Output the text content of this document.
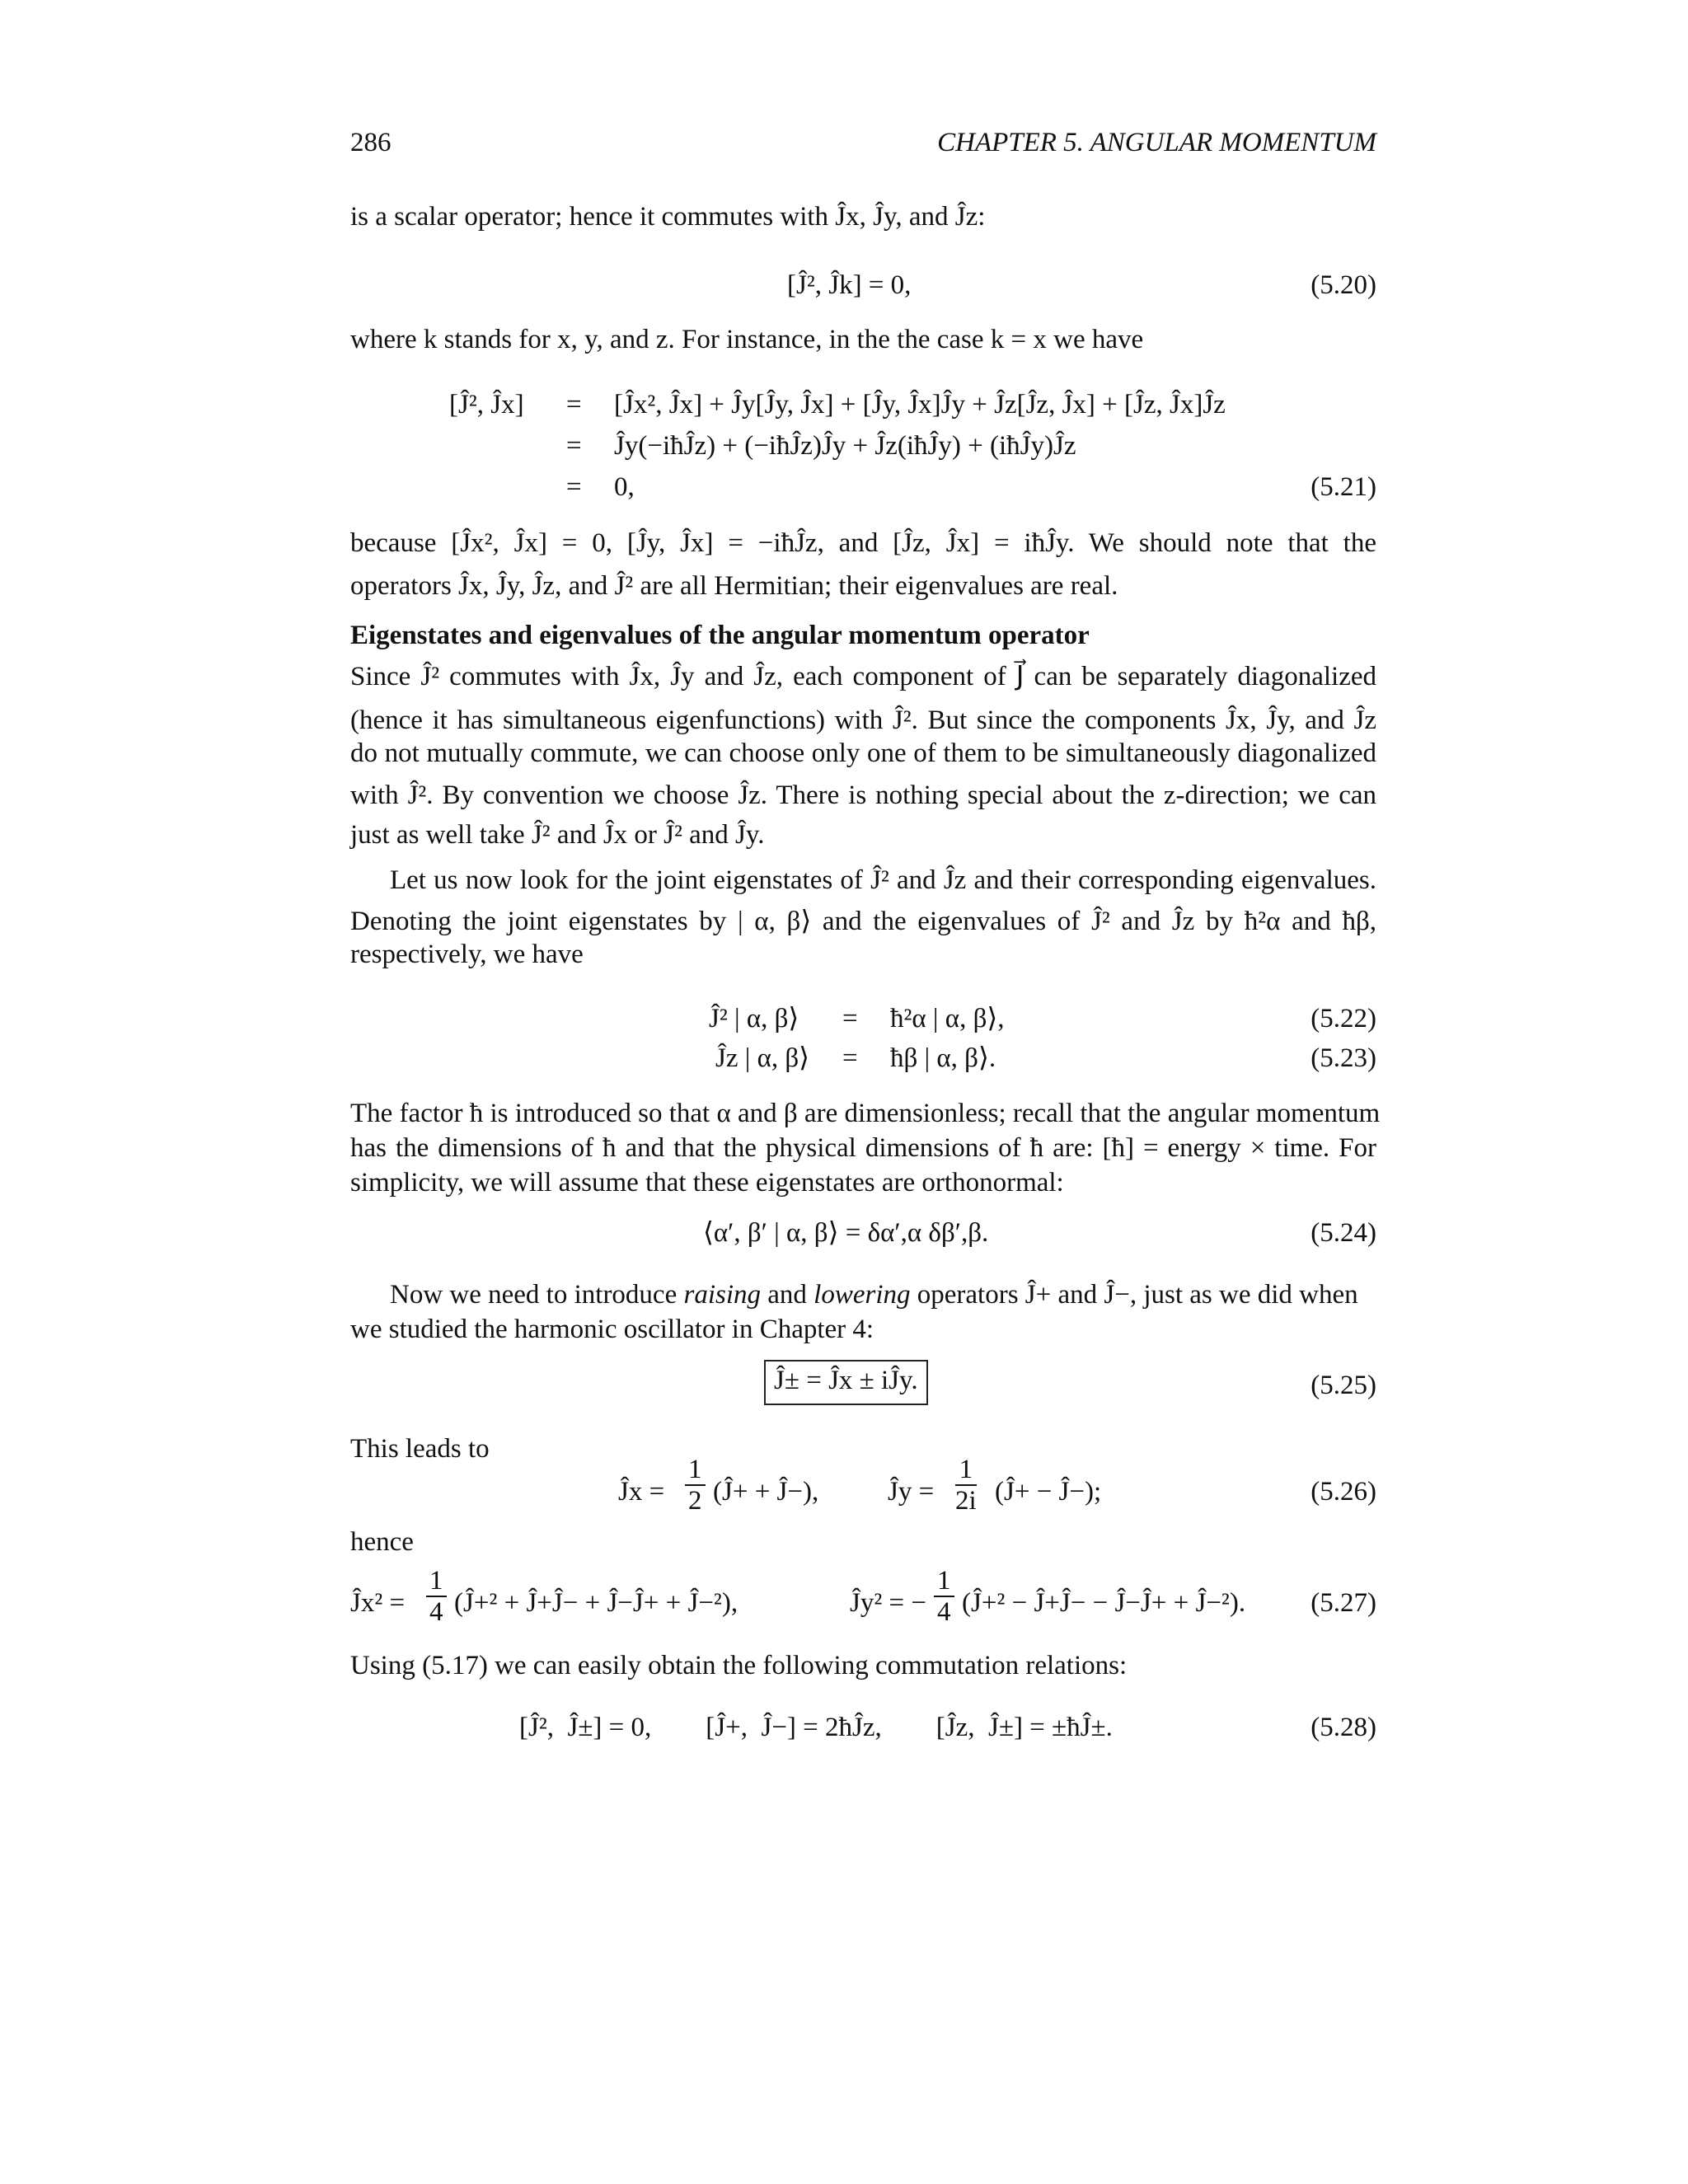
286	CHAPTER 5. ANGULAR MOMENTUM
is a scalar operator; hence it commutes with Ĵx, Ĵy, and Ĵz:
[Ĵ², Ĵk] = 0,	(5.20)
where k stands for x, y, and z. For instance, in the the case k = x we have
[Ĵ², Ĵx] = [Ĵx², Ĵx] + Ĵy[Ĵy, Ĵx] + [Ĵy, Ĵx]Ĵy + Ĵz[Ĵz, Ĵx] + [Ĵz, Ĵx]Ĵz
= Ĵy(−iħĴz) + (−iħĴz)Ĵy + Ĵz(iħĴy) + (iħĴy)Ĵz
= 0,	(5.21)
because [Ĵx², Ĵx] = 0, [Ĵy, Ĵx] = −iħĴz, and [Ĵz, Ĵx] = iħĴy. We should note that the
operators Ĵx, Ĵy, Ĵz, and Ĵ² are all Hermitian; their eigenvalues are real.
Eigenstates and eigenvalues of the angular momentum operator
Since Ĵ² commutes with Ĵx, Ĵy and Ĵz, each component of J⃗ can be separately diagonalized
(hence it has simultaneous eigenfunctions) with Ĵ². But since the components Ĵx, Ĵy, and Ĵz
do not mutually commute, we can choose only one of them to be simultaneously diagonalized
with Ĵ². By convention we choose Ĵz. There is nothing special about the z-direction; we can
just as well take Ĵ² and Ĵx or Ĵ² and Ĵy.
Let us now look for the joint eigenstates of Ĵ² and Ĵz and their corresponding eigenvalues.
Denoting the joint eigenstates by | α, β⟩ and the eigenvalues of Ĵ² and Ĵz by ħ²α and ħβ,
respectively, we have
Ĵ² | α, β⟩ = ħ²α | α, β⟩,	(5.22)
Ĵz | α, β⟩ = ħβ | α, β⟩.	(5.23)
The factor ħ is introduced so that α and β are dimensionless; recall that the angular momentum
has the dimensions of ħ and that the physical dimensions of ħ are: [ħ] = energy × time. For
simplicity, we will assume that these eigenstates are orthonormal:
⟨α′, β′ | α, β⟩ = δα′,α δβ′,β.	(5.24)
Now we need to introduce raising and lowering operators Ĵ+ and Ĵ−, just as we did when
we studied the harmonic oscillator in Chapter 4:
Ĵ± = Ĵx ± iĴy.	(5.25)
This leads to
Ĵx = $\frac{1}{2}$ (Ĵ+ + Ĵ−),	Ĵy = $\frac{1}{2i}$ (Ĵ+ − Ĵ−);	(5.26)
hence
Ĵx² = $\frac{1}{4}$ (Ĵ+² + Ĵ+Ĵ− + Ĵ−Ĵ+ + Ĵ−²),	Ĵy² = − $\frac{1}{4}$ (Ĵ+² − Ĵ+Ĵ− − Ĵ−Ĵ+ + Ĵ−²). (5.27)
Using (5.17) we can easily obtain the following commutation relations:
[Ĵ²,  Ĵ±] = 0,        [Ĵ+,  Ĵ−] = 2ħĴz,        [Ĵz,  Ĵ±] = ±ħĴ±.	(5.28)
